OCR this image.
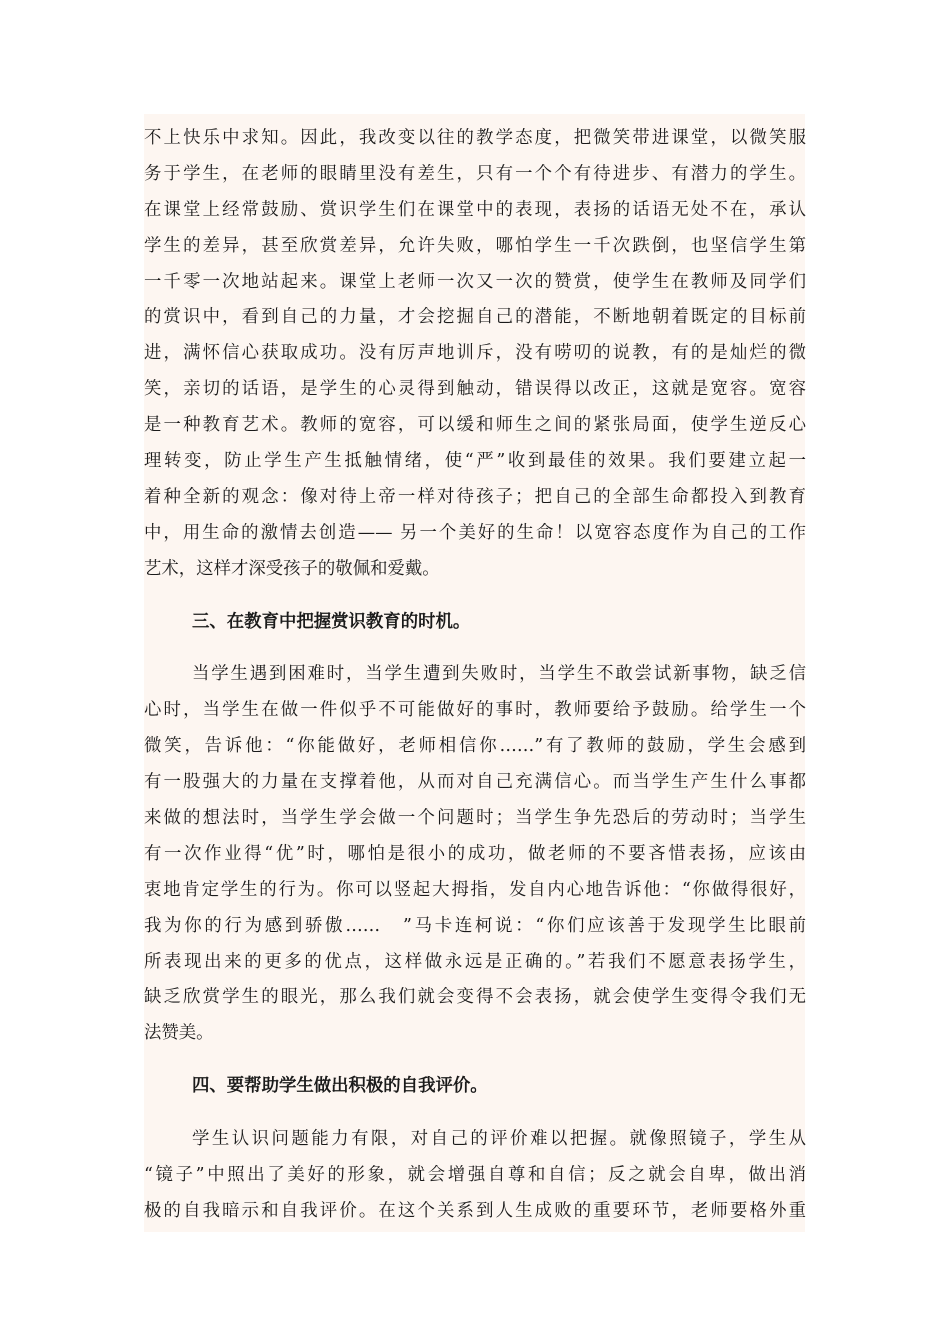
不上快乐中求知。因此，我改变以往的教学态度，把微笑带进课堂，以微笑服
务于学生，在老师的眼睛里没有差生，只有一个个有待进步、有潜力的学生。
在课堂上经常鼓励、赏识学生们在课堂中的表现，表扬的话语无处不在，承认
学生的差异，甚至欣赏差异，允许失败，哪怕学生一千次跌倒，也坚信学生第
一千零一次地站起来。课堂上老师一次又一次的赞赏，使学生在教师及同学们
的赏识中，看到自己的力量，才会挖掘自己的潜能，不断地朝着既定的目标前
进，满怀信心获取成功。没有厉声地训斥，没有唠叨的说教，有的是灿烂的微
笑，亲切的话语，是学生的心灵得到触动，错误得以改正，这就是宽容。宽容
是一种教育艺术。教师的宽容，可以缓和师生之间的紧张局面，使学生逆反心
理转变，防止学生产生抵触情绪，使“严”收到最佳的效果。我们要建立起一
着种全新的观念：像对待上帝一样对待孩子；把自己的全部生命都投入到教育
中，用生命的激情去创造—— 另一个美好的生命！以宽容态度作为自己的工作
艺术，这样才深受孩子的敬佩和爱戴。
三、在教育中把握赏识教育的时机。
当学生遇到困难时，当学生遭到失败时，当学生不敢尝试新事物，缺乏信
心时，当学生在做一件似乎不可能做好的事时，教师要给予鼓励。给学生一个
微笑，告诉他：“你能做好，老师相信你……”有了教师的鼓励，学生会感到
有一股强大的力量在支撑着他，从而对自己充满信心。而当学生产生什么事都
来做的想法时，当学生学会做一个问题时；当学生争先恐后的劳动时；当学生
有一次作业得“优”时，哪怕是很小的成功，做老师的不要吝惜表扬，应该由
衷地肯定学生的行为。你可以竖起大拇指，发自内心地告诉他：“你做得很好，
我为你的行为感到骄傲……　”马卡连柯说：“你们应该善于发现学生比眼前
所表现出来的更多的优点，这样做永远是正确的。”若我们不愿意表扬学生，
缺乏欣赏学生的眼光，那么我们就会变得不会表扬，就会使学生变得令我们无
法赞美。
四、要帮助学生做出积极的自我评价。
学生认识问题能力有限，对自己的评价难以把握。就像照镜子，学生从
“镜子”中照出了美好的形象，就会增强自尊和自信；反之就会自卑，做出消
极的自我暗示和自我评价。在这个关系到人生成败的重要环节，老师要格外重
